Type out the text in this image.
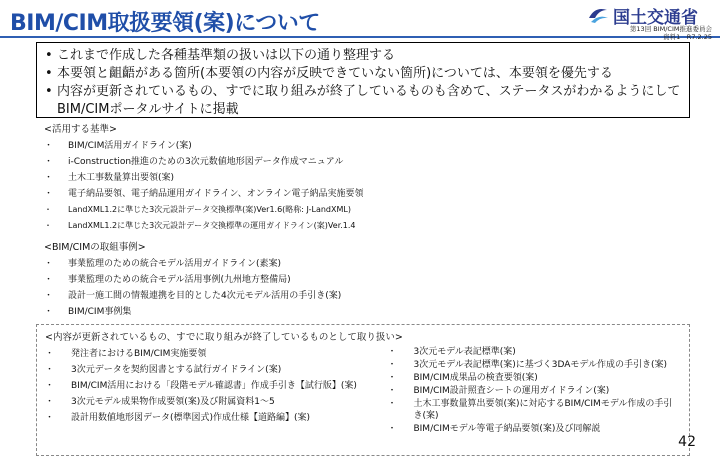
BIM/CIM取扱要領(案)について	国土交通省
第13回 BIM/CIM推進委員会
資料1　R7.2.25
• これまで作成した各種基準類の扱いは以下の通り整理する
• 本要領と齟齬がある箇所(本要領の内容が反映できていない箇所)については、本要領を優先する
• 内容が更新されているもの、すでに取り組みが終了しているものも含めて、ステータスがわかるようにして
BIM/CIMポータルサイトに掲載
<活用する基準>
・ BIM/CIM活用ガイドライン(案)
・ i-Construction推進のための3次元数値地形図データ作成マニュアル
・ 土木工事数量算出要領(案)
・ 電子納品要領、電子納品運用ガイドライン、オンライン電子納品実施要領
・ LandXML1.2に準じた3次元設計データ交換標準(案)Ver1.6(略称: J-LandXML)
・ LandXML1.2に準じた3次元設計データ交換標準の運用ガイドライン(案)Ver.1.4
<BIM/CIMの取組事例>
・ 事業監理のための統合モデル活用ガイドライン(素案)
・ 事業監理のための統合モデル活用事例(九州地方整備局)
・ 設計一施工間の情報連携を目的とした4次元モデル活用の手引き(案)
・ BIM/CIM事例集
<内容が更新されているもの、すでに取り組みが終了しているものとして取り扱い>
・ 発注者におけるBIM/CIM実施要領
・ 3次元データを契約図書とする試行ガイドライン(案)
・ BIM/CIM活用における「段階モデル確認書」作成手引き【試行版】(案)
・ 3次元モデル成果物作成要領(案)及び附属資料1～5
・ 設計用数値地形図データ(標準図式)作成仕様【道路編】(案)
・ 3次元モデル表記標準(案)
・ 3次元モデル表記標準(案)に基づく3DAモデル作成の手引き(案)
・ BIM/CIM成果品の検査要領(案)
・ BIM/CIM設計照査シートの運用ガイドライン(案)
・ 土木工事数量算出要領(案)に対応するBIM/CIMモデル作成の手引き(案)
・ BIM/CIMモデル等電子納品要領(案)及び同解説
42
